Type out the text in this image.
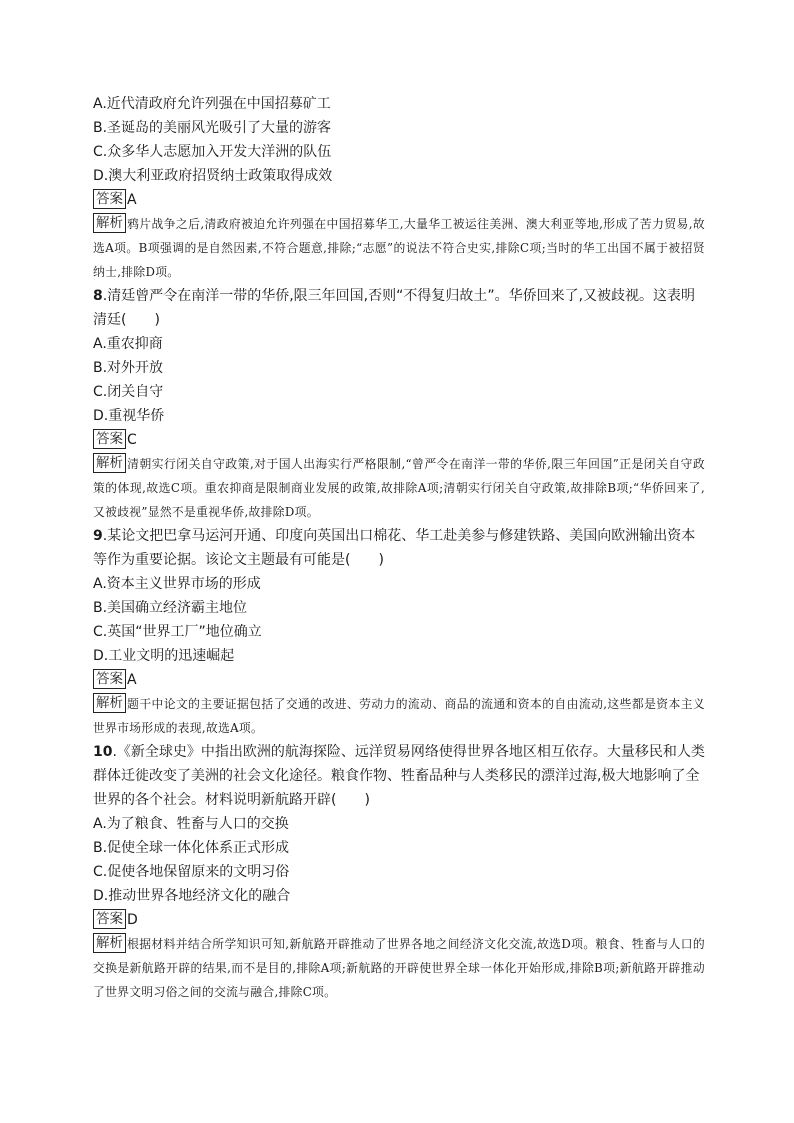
A.近代清政府允许列强在中国招募矿工
B.圣诞岛的美丽风光吸引了大量的游客
C.众多华人志愿加入开发大洋洲的队伍
D.澳大利亚政府招贤纳士政策取得成效
答案 A
解析 鸦片战争之后,清政府被迫允许列强在中国招募华工,大量华工被运往美洲、澳大利亚等地,形成了苦力贸易,故选A项。B项强调的是自然因素,不符合题意,排除;“志愿”的说法不符合史实,排除C项;当时的华工出国不属于被招贤纳士,排除D项。
8.清廷曾严令在南洋一带的华侨,限三年回国,否则“不得复归故土”。华侨回来了,又被歧视。这表明清廷(　　)
A.重农抑商
B.对外开放
C.闭关自守
D.重视华侨
答案 C
解析 清朝实行闭关自守政策,对于国人出海实行严格限制,“曾严令在南洋一带的华侨,限三年回国”正是闭关自守政策的体现,故选C项。重农抑商是限制商业发展的政策,故排除A项;清朝实行闭关自守政策,故排除B项;“华侨回来了,又被歧视”显然不是重视华侨,故排除D项。
9.某论文把巴拿马运河开通、印度向英国出口棉花、华工赴美参与修建铁路、美国向欧洲输出资本等作为重要论据。该论文主题最有可能是(　　)
A.资本主义世界市场的形成
B.美国确立经济霸主地位
C.英国“世界工厂”地位确立
D.工业文明的迅速崛起
答案 A
解析 题干中论文的主要证据包括了交通的改进、劳动力的流动、商品的流通和资本的自由流动,这些都是资本主义世界市场形成的表现,故选A项。
10.《新全球史》中指出欧洲的航海探险、远洋贸易网络使得世界各地区相互依存。大量移民和人类群体迁徙改变了美洲的社会文化途径。粮食作物、牲畜品种与人类移民的漂洋过海,极大地影响了全世界的各个社会。材料说明新航路开辟(　　)
A.为了粮食、牲畜与人口的交换
B.促使全球一体化体系正式形成
C.促使各地保留原来的文明习俗
D.推动世界各地经济文化的融合
答案 D
解析 根据材料并结合所学知识可知,新航路开辟推动了世界各地之间经济文化交流,故选D项。粮食、牲畜与人口的交换是新航路开辟的结果,而不是目的,排除A项;新航路的开辟使世界全球一体化开始形成,排除B项;新航路开辟推动了世界文明习俗之间的交流与融合,排除C项。
